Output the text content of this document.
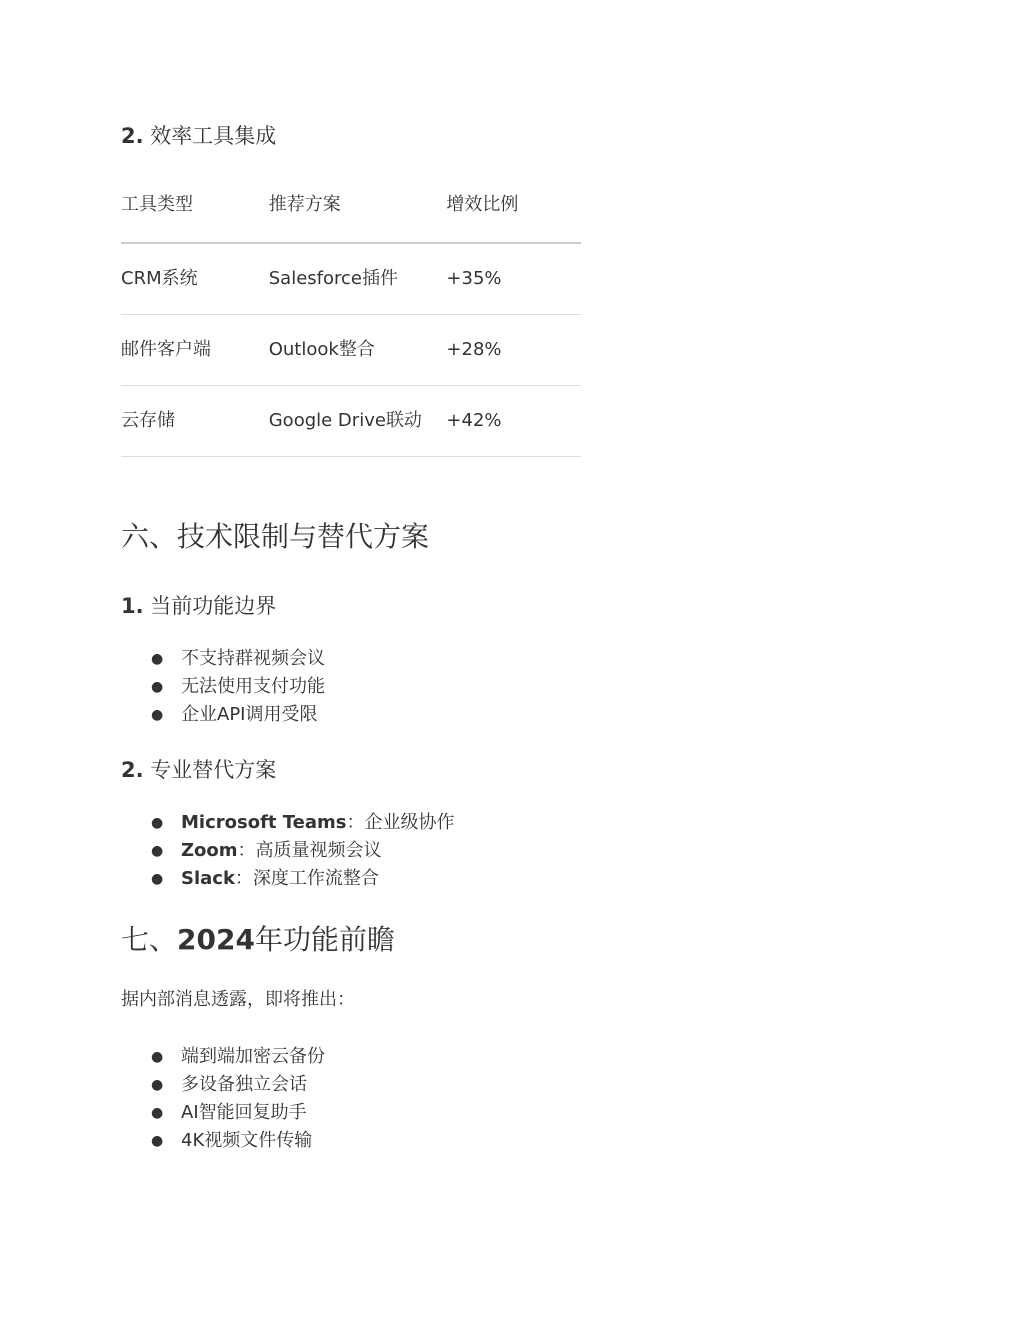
2. 效率工具集成
工具类型	推荐方案	增效比例
CRM系统	Salesforce插件	+35%
邮件客户端	Outlook整合	+28%
云存储	Google Drive联动	+42%
六、技术限制与替代方案
1. 当前功能边界
● 不支持群视频会议
● 无法使用支付功能
● 企业API调用受限
2. 专业替代方案
● Microsoft Teams：企业级协作
● Zoom：高质量视频会议
● Slack：深度工作流整合
七、2024年功能前瞻
据内部消息透露，即将推出：
● 端到端加密云备份
● 多设备独立会话
● AI智能回复助手
● 4K视频文件传输
